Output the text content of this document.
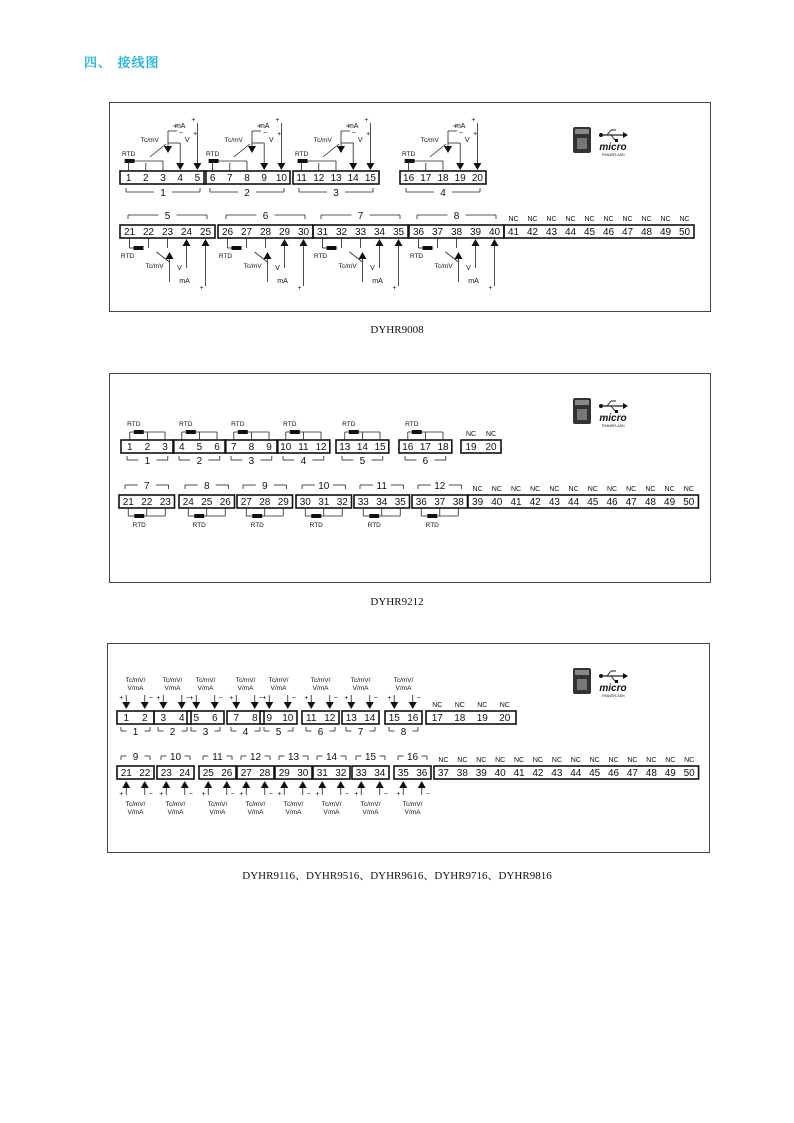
四、 接线图
micro
TRANSFLASH
1 2 3 4 5
1
RTD
Tc/mV
−
V
+
mA
+
6 7 8 9 10
2
RTD
Tc/mV
−
V
+
mA
+
11 12 13 14 15
3
RTD
Tc/mV
−
V
+
mA
+
16 17 18 19 20
4
RTD
Tc/mV
−
V
+
mA
+
21 22 23 24 25
5
RTD
Tc/mV V
mA
+
26 27 28 29 30
6
RTD
Tc/mV V
mA
+
31 32 33 34 35
7
RTD
Tc/mV V
mA
+
36 37 38 39 40
8
RTD
Tc/mV V
mA
+
41
NC
42
NC
43
NC
44
NC
45
NC
46
NC
47
NC
48
NC
49
NC
50
NC
DYHR9008
micro
TRANSFLASH
1 2 3
RTD
1
4 5 6
RTD
2
7 8 9
RTD
3
10 11 12
RTD
4
13 14 15
RTD
5
16 17 18
RTD
6
19
NC
20
NC
21 22 23
7
RTD
24 25 26
8
RTD
27 28 29
9
RTD
30 31 32
10
RTD
33 34 35
11
RTD
36 37 38
12
RTD
39
NC
40
NC
41
NC
42
NC
43
NC
44
NC
45
NC
46
NC
47
NC
48
NC
49
NC
50
NC
DYHR9212
micro
TRANSFLASH
1 2
Tc/mV/
V/mA
+	−
1
3 4
Tc/mV/
V/mA
+	−
2
5 6
Tc/mV/
V/mA
+	−
3
7 8
Tc/mV/
V/mA
+	−
4
9 10
Tc/mV/
V/mA
+	−
5
11 12
Tc/mV/
V/mA
+	−
6
13 14
Tc/mV/
V/mA
+	−
7
15 16
Tc/mV/
V/mA
+	−
8
17
NC
18
NC
19
NC
20
NC
21 22
9
+	−
Tc/mV/
V/mA
23 24
10
+	−
Tc/mV/
V/mA
25 26
11
+	−
Tc/mV/
V/mA
27 28
12
+	−
Tc/mV/
V/mA
29 30
13
+	−
Tc/mV/
V/mA
31 32
14
+	−
Tc/mV/
V/mA
33 34
15
+	−
Tc/mV/
V/mA
35 36
16
+	−
Tc/mV/
V/mA
37
NC
38
NC
39
NC
40
NC
41
NC
42
NC
43
NC
44
NC
45
NC
46
NC
47
NC
48
NC
49
NC
50
NC
DYHR9116、DYHR9516、DYHR9616、DYHR9716、DYHR9816
